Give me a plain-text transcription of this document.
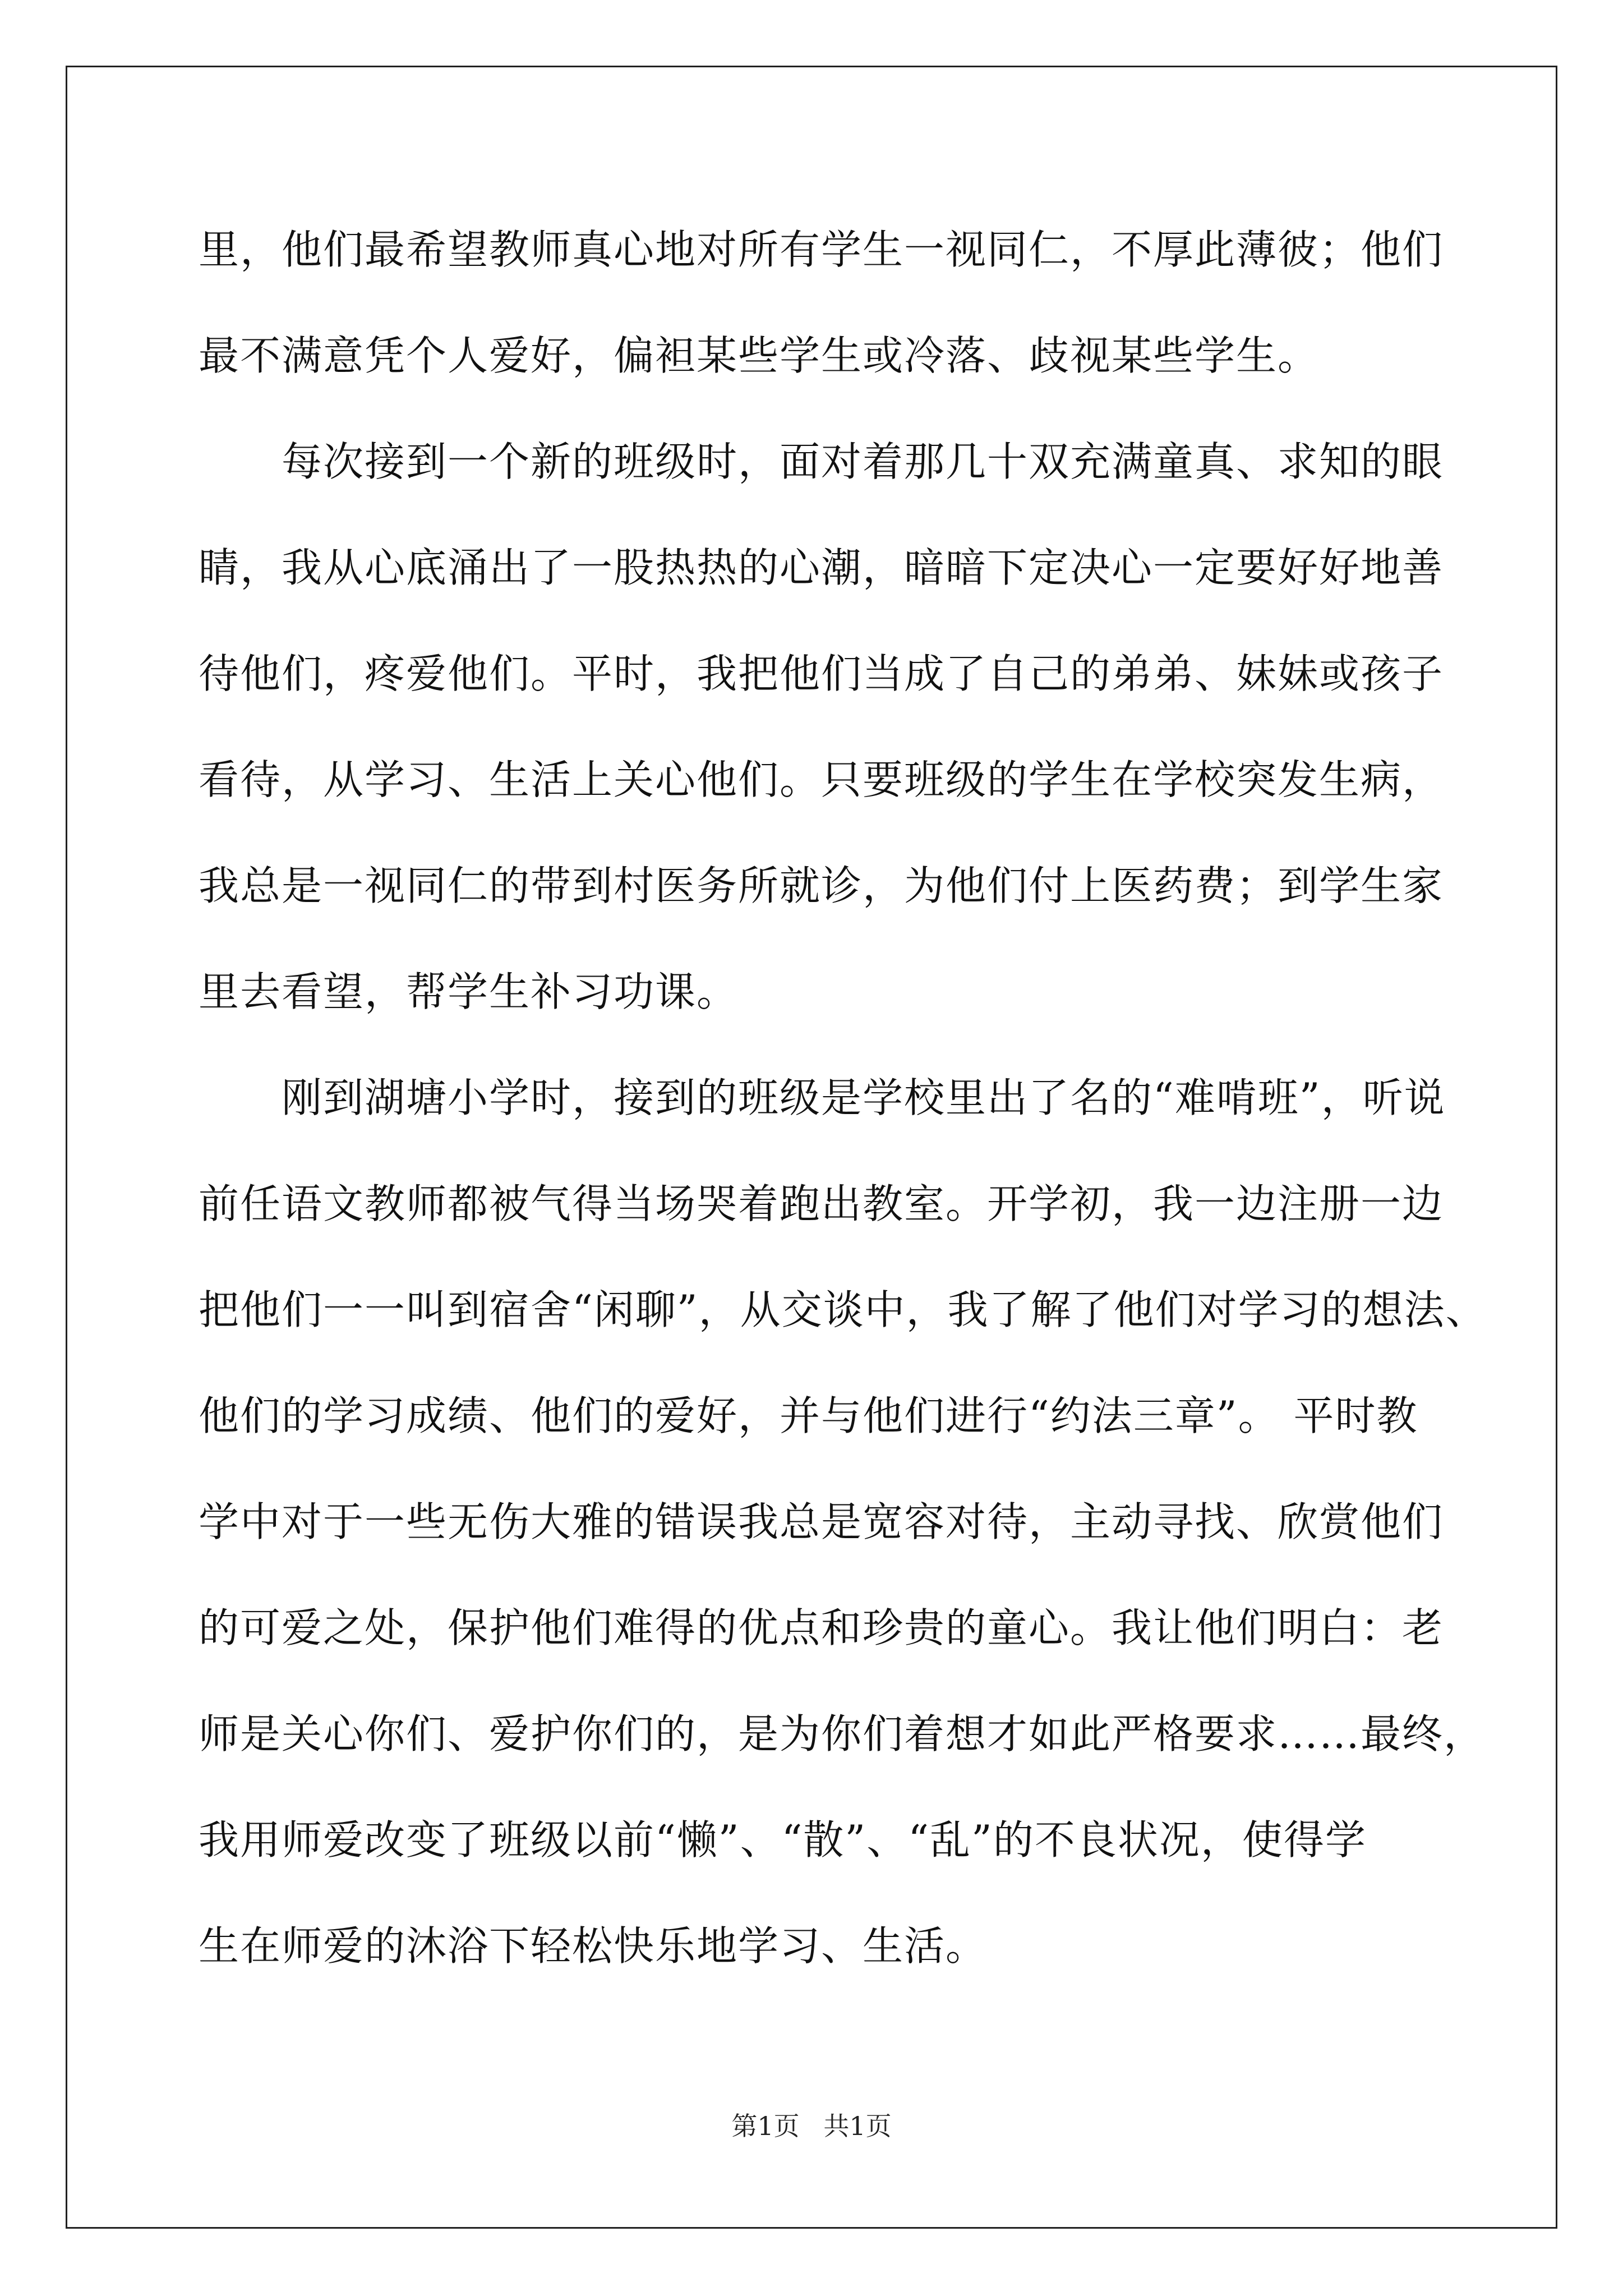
里，他们最希望教师真心地对所有学生一视同仁，不厚此薄彼；他们
最不满意凭个人爱好，偏袒某些学生或冷落、歧视某些学生。
　　每次接到一个新的班级时，面对着那几十双充满童真、求知的眼
睛，我从心底涌出了一股热热的心潮，暗暗下定决心一定要好好地善
待他们，疼爱他们。平时，我把他们当成了自己的弟弟、妹妹或孩子
看待，从学习、生活上关心他们。只要班级的学生在学校突发生病，
我总是一视同仁的带到村医务所就诊，为他们付上医药费；到学生家
里去看望，帮学生补习功课。
　　刚到湖塘小学时，接到的班级是学校里出了名的“难啃班”，听说
前任语文教师都被气得当场哭着跑出教室。开学初，我一边注册一边
把他们一一叫到宿舍“闲聊”，从交谈中，我了解了他们对学习的想法、
他们的学习成绩、他们的爱好，并与他们进行“约法三章”。 平时教
学中对于一些无伤大雅的错误我总是宽容对待，主动寻找、欣赏他们
的可爱之处，保护他们难得的优点和珍贵的童心。我让他们明白：老
师是关心你们、爱护你们的，是为你们着想才如此严格要求……最终，
我用师爱改变了班级以前“懒”、“散”、“乱”的不良状况，使得学
生在师爱的沐浴下轻松快乐地学习、生活。
第1页 共1页
